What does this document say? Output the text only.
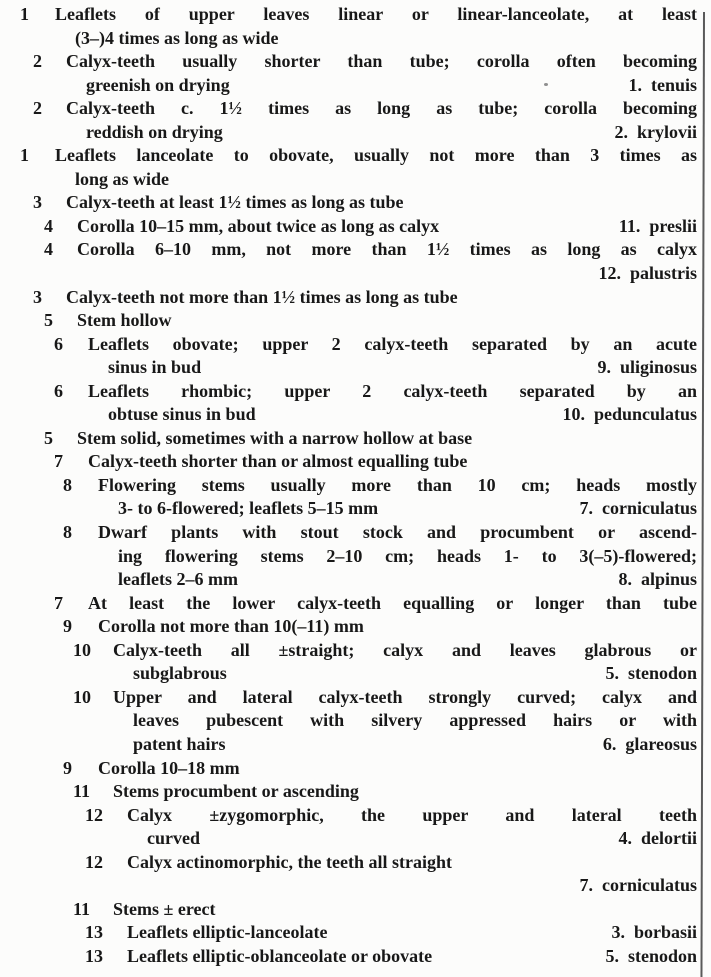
1 Leaflets of upper leaves linear or linear-lanceolate, at least
(3–)4 times as long as wide
2 Calyx-teeth usually shorter than tube; corolla often becoming
greenish on drying	1. tenuis
2 Calyx-teeth c. 1½ times as long as tube; corolla becoming
reddish on drying	2. krylovii
1 Leaflets lanceolate to obovate, usually not more than 3 times as
long as wide
3 Calyx-teeth at least 1½ times as long as tube
4 Corolla 10–15 mm, about twice as long as calyx	11. preslii
4 Corolla 6–10 mm, not more than 1½ times as long as calyx
12. palustris
3 Calyx-teeth not more than 1½ times as long as tube
5 Stem hollow
6 Leaflets obovate; upper 2 calyx-teeth separated by an acute
sinus in bud	9. uliginosus
6 Leaflets rhombic; upper 2 calyx-teeth separated by an
obtuse sinus in bud	10. pedunculatus
5 Stem solid, sometimes with a narrow hollow at base
7 Calyx-teeth shorter than or almost equalling tube
8 Flowering stems usually more than 10 cm; heads mostly
3- to 6-flowered; leaflets 5–15 mm	7. corniculatus
8 Dwarf plants with stout stock and procumbent or ascend-
ing flowering stems 2–10 cm; heads 1- to 3(–5)-flowered;
leaflets 2–6 mm	8. alpinus
7 At least the lower calyx-teeth equalling or longer than tube
9 Corolla not more than 10(–11) mm
10 Calyx-teeth all ±straight; calyx and leaves glabrous or
subglabrous	5. stenodon
10 Upper and lateral calyx-teeth strongly curved; calyx and
leaves pubescent with silvery appressed hairs or with
patent hairs	6. glareosus
9 Corolla 10–18 mm
11 Stems procumbent or ascending
12 Calyx ±zygomorphic, the upper and lateral teeth
curved	4. delortii
12 Calyx actinomorphic, the teeth all straight
7. corniculatus
11 Stems ± erect
13 Leaflets elliptic-lanceolate	3. borbasii
13 Leaflets elliptic-oblanceolate or obovate	5. stenodon
